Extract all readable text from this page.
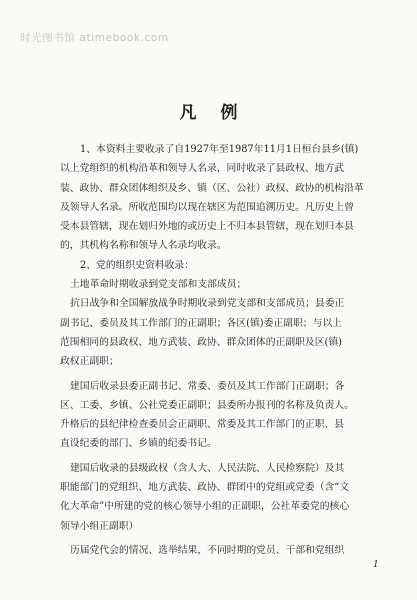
时光图书馆 atimebook.com
凡例
1、本资料主要收录了自1927年至1987年11月1日桓台县乡(镇)
以上党组织的机构沿革和领导人名录，同时收录了县政权、地方武
装、政协、群众团体组织及乡、镇（区、公社）政权、政协的机构沿革
及领导人名录。所收范围均以现在辖区为范围追溯历史。凡历史上曾
受本县管辖，现在划归外地的或历史上不归本县管辖，现在划归本县
的，其机构名称和领导人名录均收录。
2、党的组织史资料收录：
土地革命时期收录到党支部和支部成员；
抗日战争和全国解放战争时期收录到党支部和支部成员；县委正
副书记、委员及其工作部门的正副职；各区(镇)委正副职；与以上
范围相同的县政权、地方武装、政协、群众团体的正副职及区(镇)
政权正副职；
建国后收录县委正副书记、常委、委员及其工作部门正副职；各
区、工委、乡镇、公社党委正副职；县委所办报刊的名称及负责人。
升格后的县纪律检查委员会正副职、常委及其工作部门的正职、县
直设纪委的部门、乡镇的纪委书记。
建国后收录的县级政权（含人大、人民法院、人民检察院）及其
职能部门的党组织、地方武装、政协、群团中的党组或党委（含“文
化大革命”中所建的党的核心领导小组的正副职，公社革委党的核心
领导小组正副职）
历届党代会的情况、选举结果，不同时期的党员、干部和党组织
1
